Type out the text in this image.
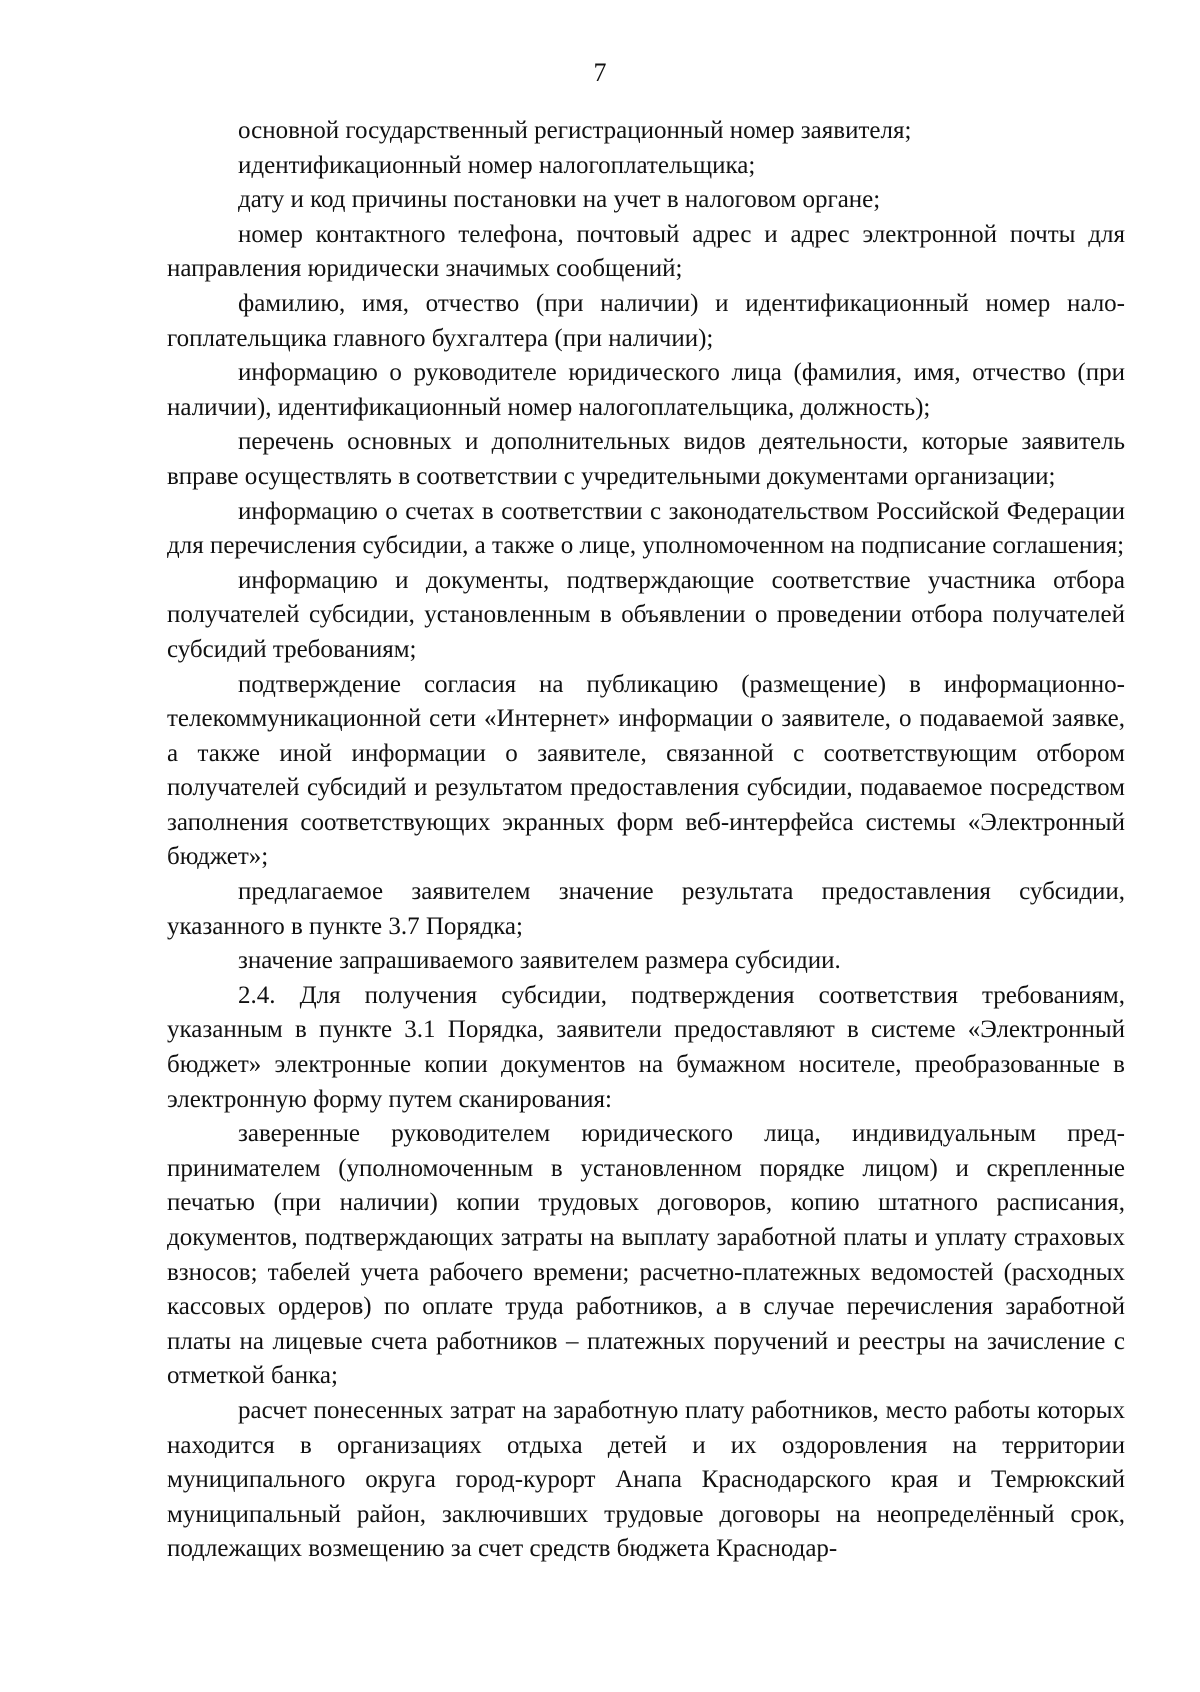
7

основной государственный регистрационный номер заявителя;

идентификационный номер налогоплательщика;

дату и код причины постановки на учет в налоговом органе;

номер контактного телефона, почтовый адрес и адрес электронной почты для направления юридически значимых сообщений;

фамилию, имя, отчество (при наличии) и идентификационный номер налогоплательщика главного бухгалтера (при наличии);

информацию о руководителе юридического лица (фамилия, имя, отчество (при наличии), идентификационный номер налогоплательщика, должность);

перечень основных и дополнительных видов деятельности, которые заявитель вправе осуществлять в соответствии с учредительными документами организации;

информацию о счетах в соответствии с законодательством Российской Федерации для перечисления субсидии, а также о лице, уполномоченном на подписание соглашения;

информацию и документы, подтверждающие соответствие участника отбора получателей субсидии, установленным в объявлении о проведении отбора получателей субсидий требованиям;

подтверждение согласия на публикацию (размещение) в информационнотелекоммуникационной сети «Интернет» информации о заявителе, о подаваемой заявке, а также иной информации о заявителе, связанной с соответствующим отбором получателей субсидий и результатом предоставления субсидии, подаваемое посредством заполнения соответствующих экранных форм веб-интерфейса системы «Электронный бюджет»;

предлагаемое заявителем значение результата предоставления субсидии, указанного в пункте 3.7 Порядка;

значение запрашиваемого заявителем размера субсидии.

2.4. Для получения субсидии, подтверждения соответствия требованиям, указанным в пункте 3.1 Порядка, заявители предоставляют в системе «Электронный бюджет» электронные копии документов на бумажном носителе, преобразованные в электронную форму путем сканирования:

заверенные руководителем юридического лица, индивидуальным предпринимателем (уполномоченным в установленном порядке лицом) и скрепленные печатью (при наличии) копии трудовых договоров, копию штатного расписания, документов, подтверждающих затраты на выплату заработной платы и уплату страховых взносов; табелей учета рабочего времени; расчетно-платежных ведомостей (расходных кассовых ордеров) по оплате труда работников, а в случае перечисления заработной платы на лицевые счета работников – платежных поручений и реестры на зачисление с отметкой банка;

расчет понесенных затрат на заработную плату работников, место работы которых находится в организациях отдыха детей и их оздоровления на территории муниципального округа город-курорт Анапа Краснодарского края и Темрюкский муниципальный район, заключивших трудовые договоры на неопределённый срок, подлежащих возмещению за счет средств бюджета Краснодар-
